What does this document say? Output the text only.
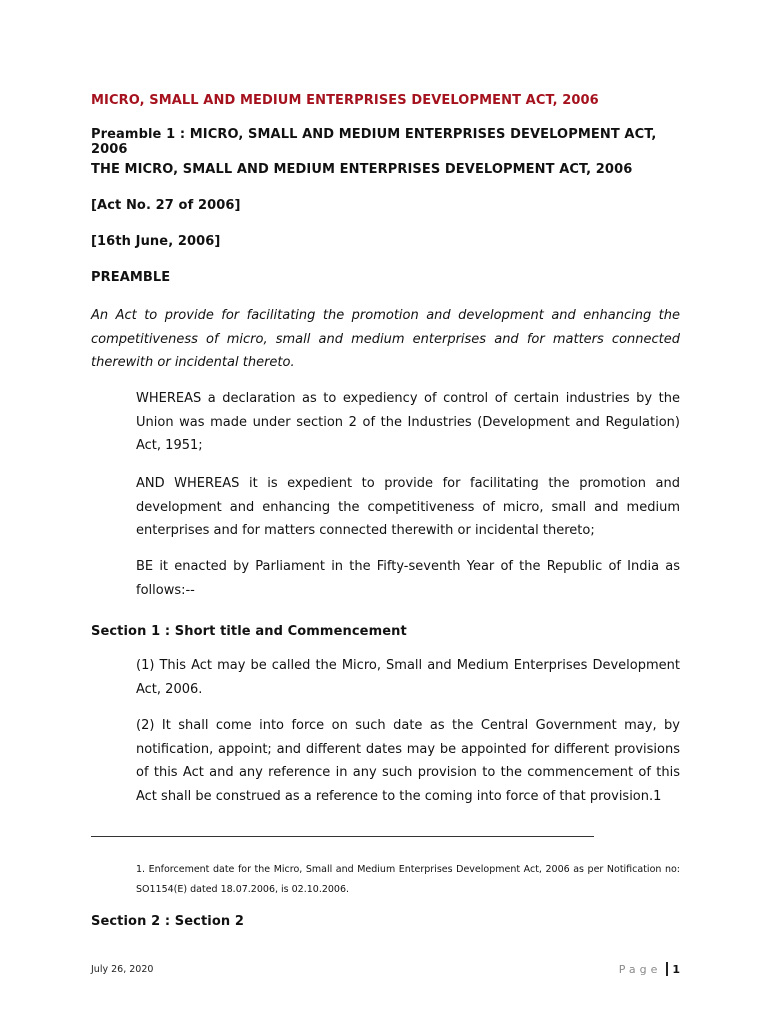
MICRO, SMALL AND MEDIUM ENTERPRISES DEVELOPMENT ACT, 2006

Preamble 1 : MICRO, SMALL AND MEDIUM ENTERPRISES DEVELOPMENT ACT, 2006

THE MICRO, SMALL AND MEDIUM ENTERPRISES DEVELOPMENT ACT, 2006

[Act No. 27 of 2006]

[16th June, 2006]

PREAMBLE

An Act to provide for facilitating the promotion and development and enhancing the competitiveness of micro, small and medium enterprises and for matters connected therewith or incidental thereto.

WHEREAS a declaration as to expediency of control of certain industries by the Union was made under section 2 of the Industries (Development and Regulation) Act, 1951;

AND WHEREAS it is expedient to provide for facilitating the promotion and development and enhancing the competitiveness of micro, small and medium enterprises and for matters connected therewith or incidental thereto;

BE it enacted by Parliament in the Fifty-seventh Year of the Republic of India as follows:--

Section 1 : Short title and Commencement

(1) This Act may be called the Micro, Small and Medium Enterprises Development Act, 2006.

(2) It shall come into force on such date as the Central Government may, by notification, appoint; and different dates may be appointed for different provisions of this Act and any reference in any such provision to the commencement of this Act shall be construed as a reference to the coming into force of that provision.1

1. Enforcement date for the Micro, Small and Medium Enterprises Development Act, 2006 as per Notification no: SO1154(E) dated 18.07.2006, is 02.10.2006.

Section 2 : Section 2

July 26, 2020	Page 1
